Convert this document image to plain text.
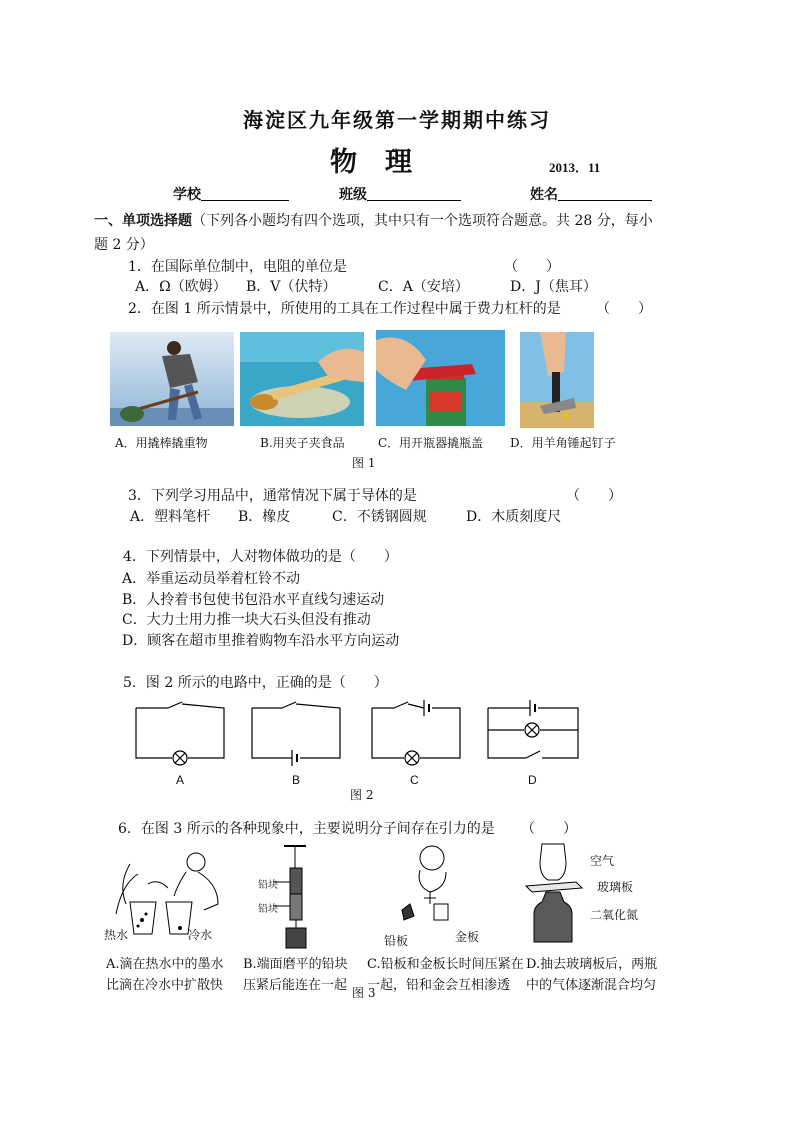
海淀区九年级第一学期期中练习
物理	2013．11
学校	班级	姓名
一、单项选择题（下列各小题均有四个选项，其中只有一个选项符合题意。共 28 分，每小
题 2 分）
1．在国际单位制中，电阻的单位是	（　　）
A．Ω（欧姆） B．V（伏特）	C．A（安培）	D．J（焦耳）
2．在图 1 所示情景中，所使用的工具在工作过程中属于费力杠杆的是	（　　）
A．用撬棒撬重物	B.用夹子夹食品	C．用开瓶器撬瓶盖 D．用羊角锤起钉子
图 1
3．下列学习用品中，通常情况下属于导体的是	（　　）
A．塑料笔杆 B．橡皮	C．不锈钢圆规	D．木质刻度尺
4．下列情景中，人对物体做功的是（　　）
A．举重运动员举着杠铃不动
B．人拎着书包使书包沿水平直线匀速运动
C．大力士用力推一块大石头但没有推动
D．顾客在超市里推着购物车沿水平方向运动
5．图 2 所示的电路中，正确的是（　　）
A	B	C	D
图 2
6．在图 3 所示的各种现象中，主要说明分子间存在引力的是 （　　）
热水	冷水
铅块
铅块
铅板	金板
空气
玻璃板
二氧化氮
A.滴在热水中的墨水
比滴在冷水中扩散快
B.端面磨平的铅块
压紧后能连在一起
C.铅板和金板长时间压紧在
一起，铅和金会互相渗透
D.抽去玻璃板后，两瓶
中的气体逐渐混合均匀
图 3
